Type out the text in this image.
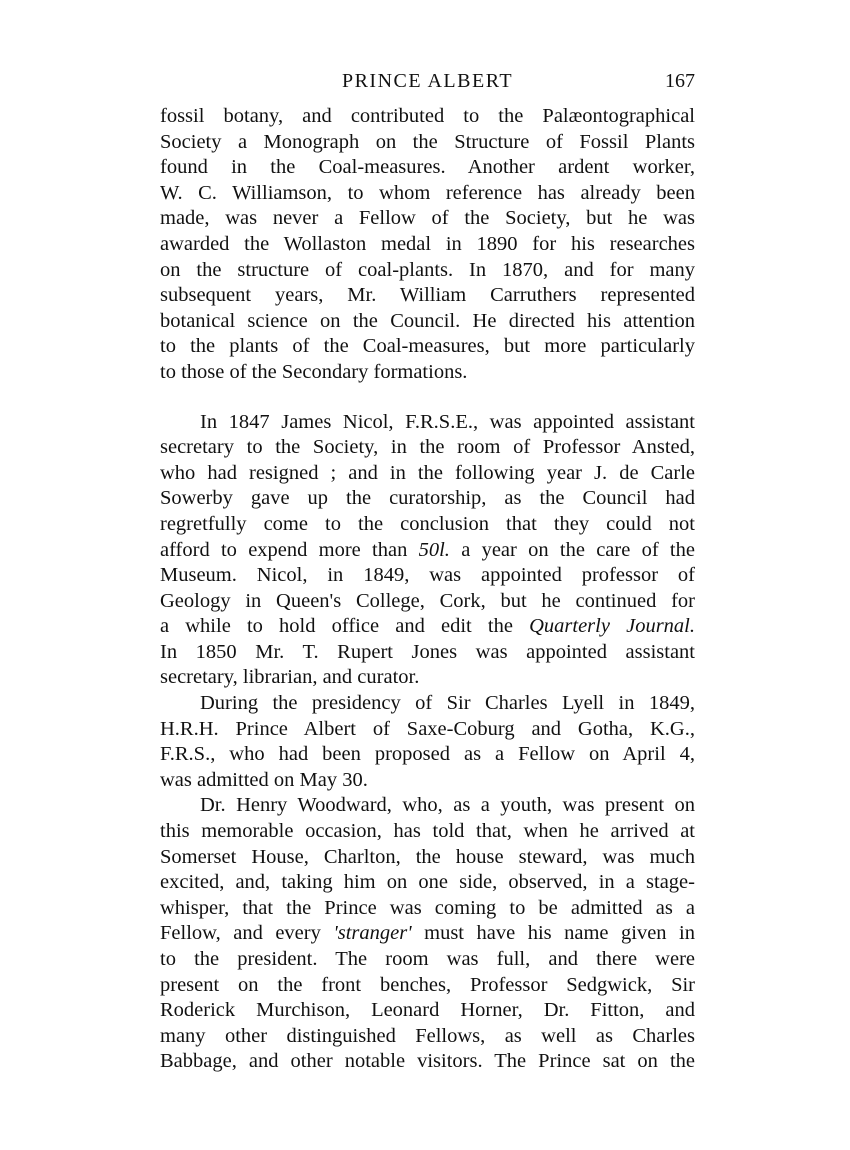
PRINCE ALBERT	167
fossil botany, and contributed to the Palæontographical
Society a Monograph on the Structure of Fossil Plants
found in the Coal-measures. Another ardent worker,
W. C. Williamson, to whom reference has already been
made, was never a Fellow of the Society, but he was
awarded the Wollaston medal in 1890 for his researches
on the structure of coal-plants. In 1870, and for many
subsequent years, Mr. William Carruthers represented
botanical science on the Council. He directed his attention
to the plants of the Coal-measures, but more particularly
to those of the Secondary formations.
In 1847 James Nicol, F.R.S.E., was appointed assistant
secretary to the Society, in the room of Professor Ansted,
who had resigned ; and in the following year J. de Carle
Sowerby gave up the curatorship, as the Council had
regretfully come to the conclusion that they could not
afford to expend more than 50l. a year on the care of the
Museum. Nicol, in 1849, was appointed professor of
Geology in Queen's College, Cork, but he continued for
a while to hold office and edit the Quarterly Journal.
In 1850 Mr. T. Rupert Jones was appointed assistant
secretary, librarian, and curator.
During the presidency of Sir Charles Lyell in 1849,
H.R.H. Prince Albert of Saxe-Coburg and Gotha, K.G.,
F.R.S., who had been proposed as a Fellow on April 4,
was admitted on May 30.
Dr. Henry Woodward, who, as a youth, was present on
this memorable occasion, has told that, when he arrived at
Somerset House, Charlton, the house steward, was much
excited, and, taking him on one side, observed, in a stage-
whisper, that the Prince was coming to be admitted as a
Fellow, and every 'stranger' must have his name given in
to the president. The room was full, and there were
present on the front benches, Professor Sedgwick, Sir
Roderick Murchison, Leonard Horner, Dr. Fitton, and
many other distinguished Fellows, as well as Charles
Babbage, and other notable visitors. The Prince sat on the
